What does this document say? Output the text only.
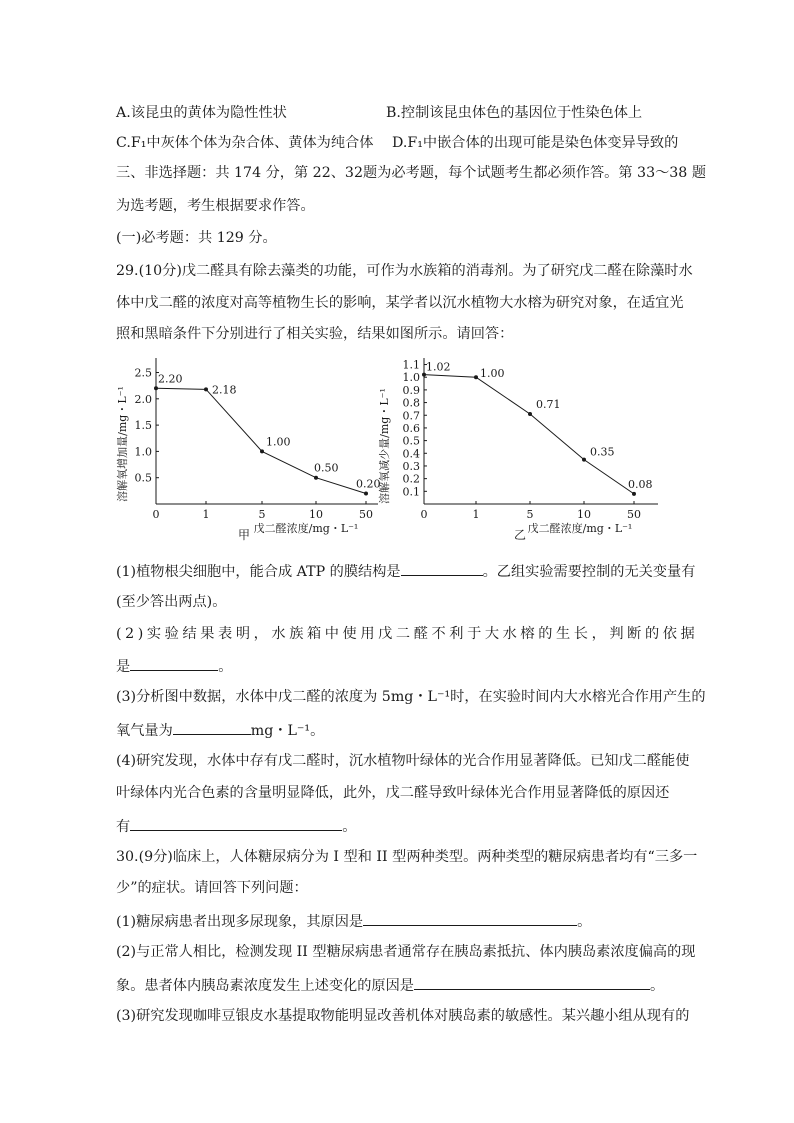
A.该昆虫的黄体为隐性性状	B.控制该昆虫体色的基因位于性染色体上
C.F₁中灰体个体为杂合体、黄体为纯合体 D.F₁中嵌合体的出现可能是染色体变异导致的
三、非选择题：共 174 分，第 22、32题为必考题，每个试题考生都必须作答。第 33～38 题
为选考题，考生根据要求作答。
(一)必考题：共 129 分。
29.(10分)戊二醛具有除去藻类的功能，可作为水族箱的消毒剂。为了研究戊二醛在除藻时水
体中戊二醛的浓度对高等植物生长的影响，某学者以沉水植物大水榕为研究对象，在适宜光
照和黑暗条件下分别进行了相关实验，结果如图所示。请回答：
溶解氧增加量/mg・L⁻¹ 0.5
1.0
1.5
2.0
2.5
0	1	5	10	50
2.20
2.18
1.00
0.50
0.20
甲 戊二醛浓度/mg・L⁻¹
溶解氧减少量/mg・L⁻¹ 0.1
0.2
0.3
0.4
0.5
0.6
0.7
0.8
0.9
1.0
1.1
0	1	5	10	50
1.02
1.00
0.71
0.35
0.08
乙 戊二醛浓度/mg・L⁻¹
(1)植物根尖细胞中，能合成 ATP 的膜结构是	。乙组实验需要控制的无关变量有
(至少答出两点)。
(2)实验结果表明，水族箱中使用戊二醛不利于大水榕的生长，判断的依据
是	。
(3)分析图中数据，水体中戊二醛的浓度为 5mg・L⁻¹时，在实验时间内大水榕光合作用产生的
氧气量为	mg・L⁻¹。
(4)研究发现，水体中存有戊二醛时，沉水植物叶绿体的光合作用显著降低。已知戊二醛能使
叶绿体内光合色素的含量明显降低，此外，戊二醛导致叶绿体光合作用显著降低的原因还
有	。
30.(9分)临床上，人体糖尿病分为 I 型和 II 型两种类型。两种类型的糖尿病患者均有“三多一
少”的症状。请回答下列问题：
(1)糖尿病患者出现多尿现象，其原因是	。
(2)与正常人相比，检测发现 II 型糖尿病患者通常存在胰岛素抵抗、体内胰岛素浓度偏高的现
象。患者体内胰岛素浓度发生上述变化的原因是	。
(3)研究发现咖啡豆银皮水基提取物能明显改善机体对胰岛素的敏感性。某兴趣小组从现有的
